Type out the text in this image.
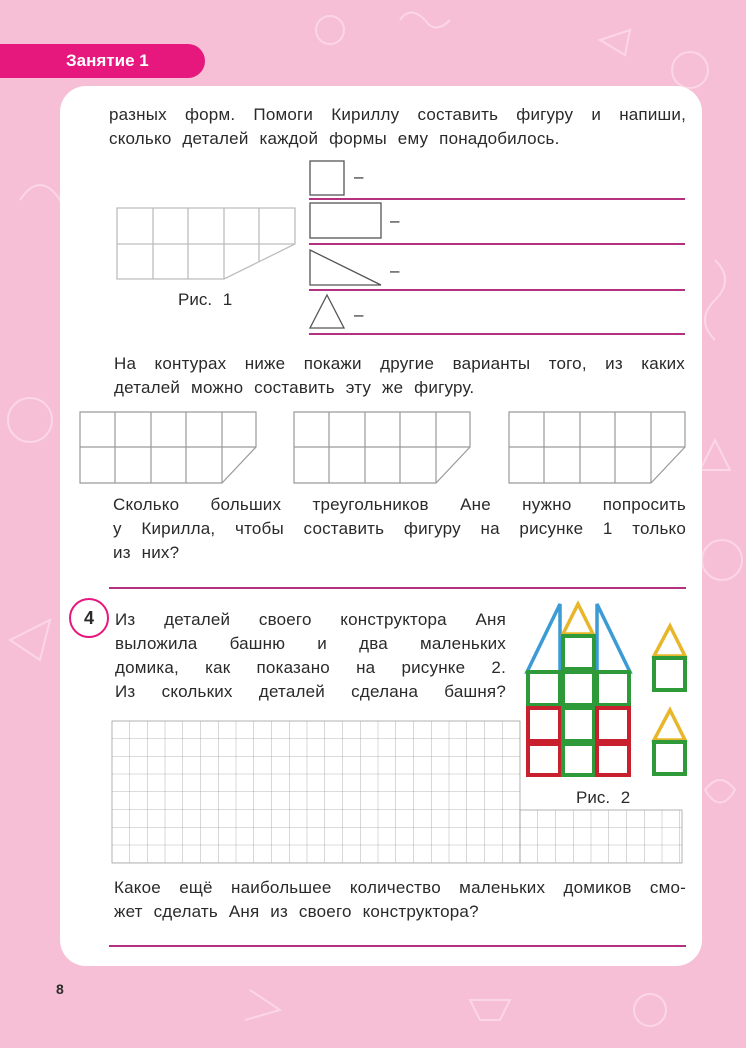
Занятие 1
разных форм. Помоги Кириллу составить фигуру и напиши,
сколько деталей каждой формы ему понадобилось.
Рис. 1
–
–
–
–
На контурах ниже покажи другие варианты того, из каких
деталей можно составить эту же фигуру.
Сколько больших треугольников Ане нужно попросить
у Кирилла, чтобы составить фигуру на рисунке 1 только
из них?
4	Из деталей своего конструктора Аня
выложила башню и два маленьких
домика, как показано на рисунке 2.
Из скольких деталей сделана башня?
Рис. 2
Какое ещё наибольшее количество маленьких домиков смо-
жет сделать Аня из своего конструктора?
8
